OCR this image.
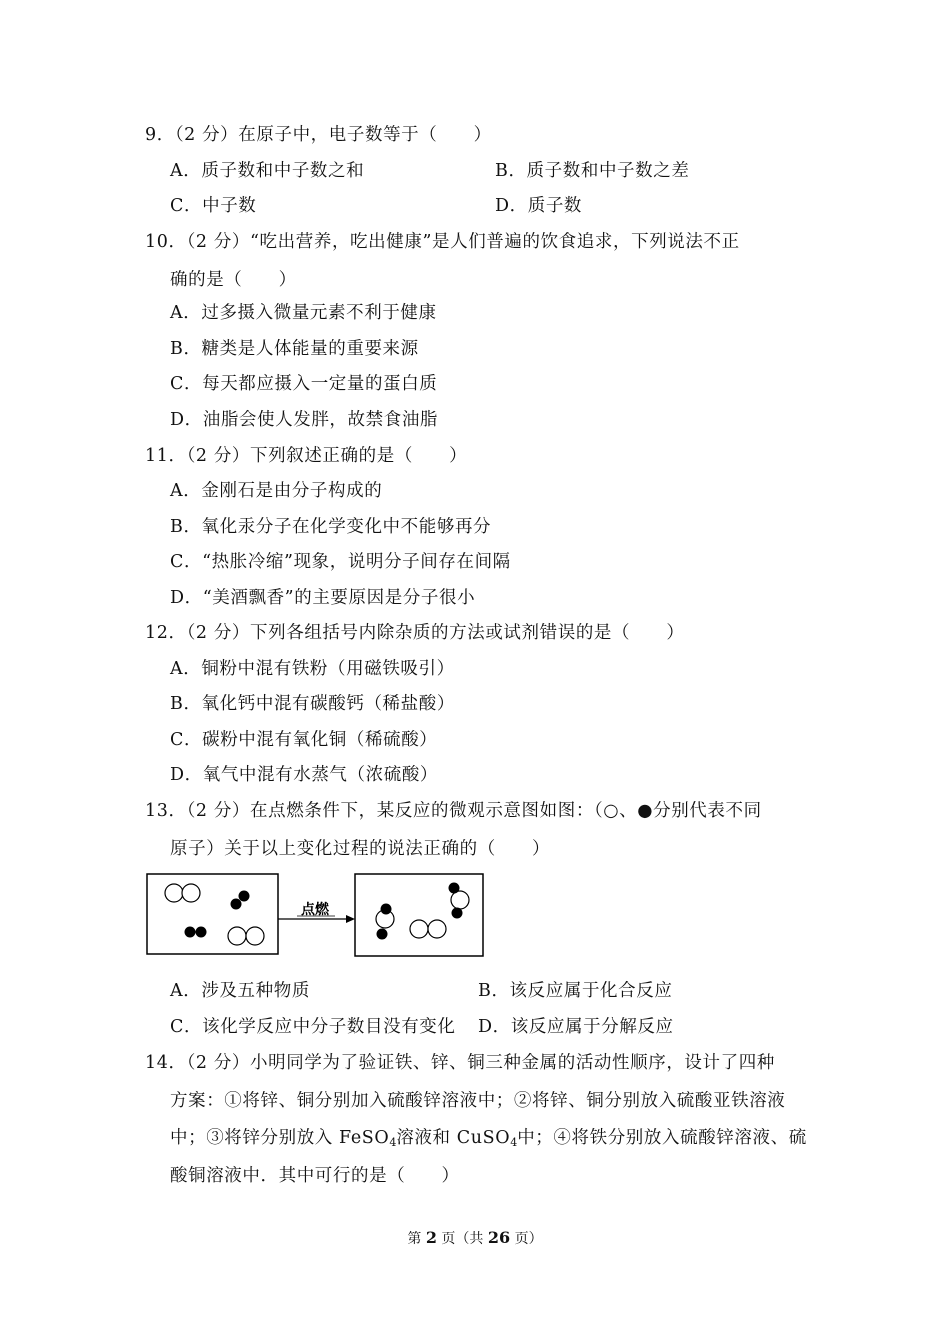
9．（2 分）在原子中，电子数等于（　　）
A．质子数和中子数之和	B．质子数和中子数之差
C．中子数	D．质子数
10．（2 分）“吃出营养，吃出健康”是人们普遍的饮食追求，下列说法不正
确的是（　　）
A．过多摄入微量元素不利于健康
B．糖类是人体能量的重要来源
C．每天都应摄入一定量的蛋白质
D．油脂会使人发胖，故禁食油脂
11．（2 分）下列叙述正确的是（　　）
A．金刚石是由分子构成的
B．氧化汞分子在化学变化中不能够再分
C．“热胀冷缩”现象，说明分子间存在间隔
D．“美酒飘香”的主要原因是分子很小
12．（2 分）下列各组括号内除杂质的方法或试剂错误的是（　　）
A．铜粉中混有铁粉（用磁铁吸引）
B．氧化钙中混有碳酸钙（稀盐酸）
C．碳粉中混有氧化铜（稀硫酸）
D．氧气中混有水蒸气（浓硫酸）
13．（2 分）在点燃条件下，某反应的微观示意图如图：（○、●分别代表不同
原子）关于以上变化过程的说法正确的（　　）
点燃
A．涉及五种物质	B．该反应属于化合反应
C．该化学反应中分子数目没有变化 D．该反应属于分解反应
14．（2 分）小明同学为了验证铁、锌、铜三种金属的活动性顺序，设计了四种
方案：①将锌、铜分别加入硫酸锌溶液中；②将锌、铜分别放入硫酸亚铁溶液
中；③将锌分别放入 FeSO$_4$溶液和 CuSO$_4$中；④将铁分别放入硫酸锌溶液、硫
酸铜溶液中．其中可行的是（　　）
第 2 页（共 26 页）
